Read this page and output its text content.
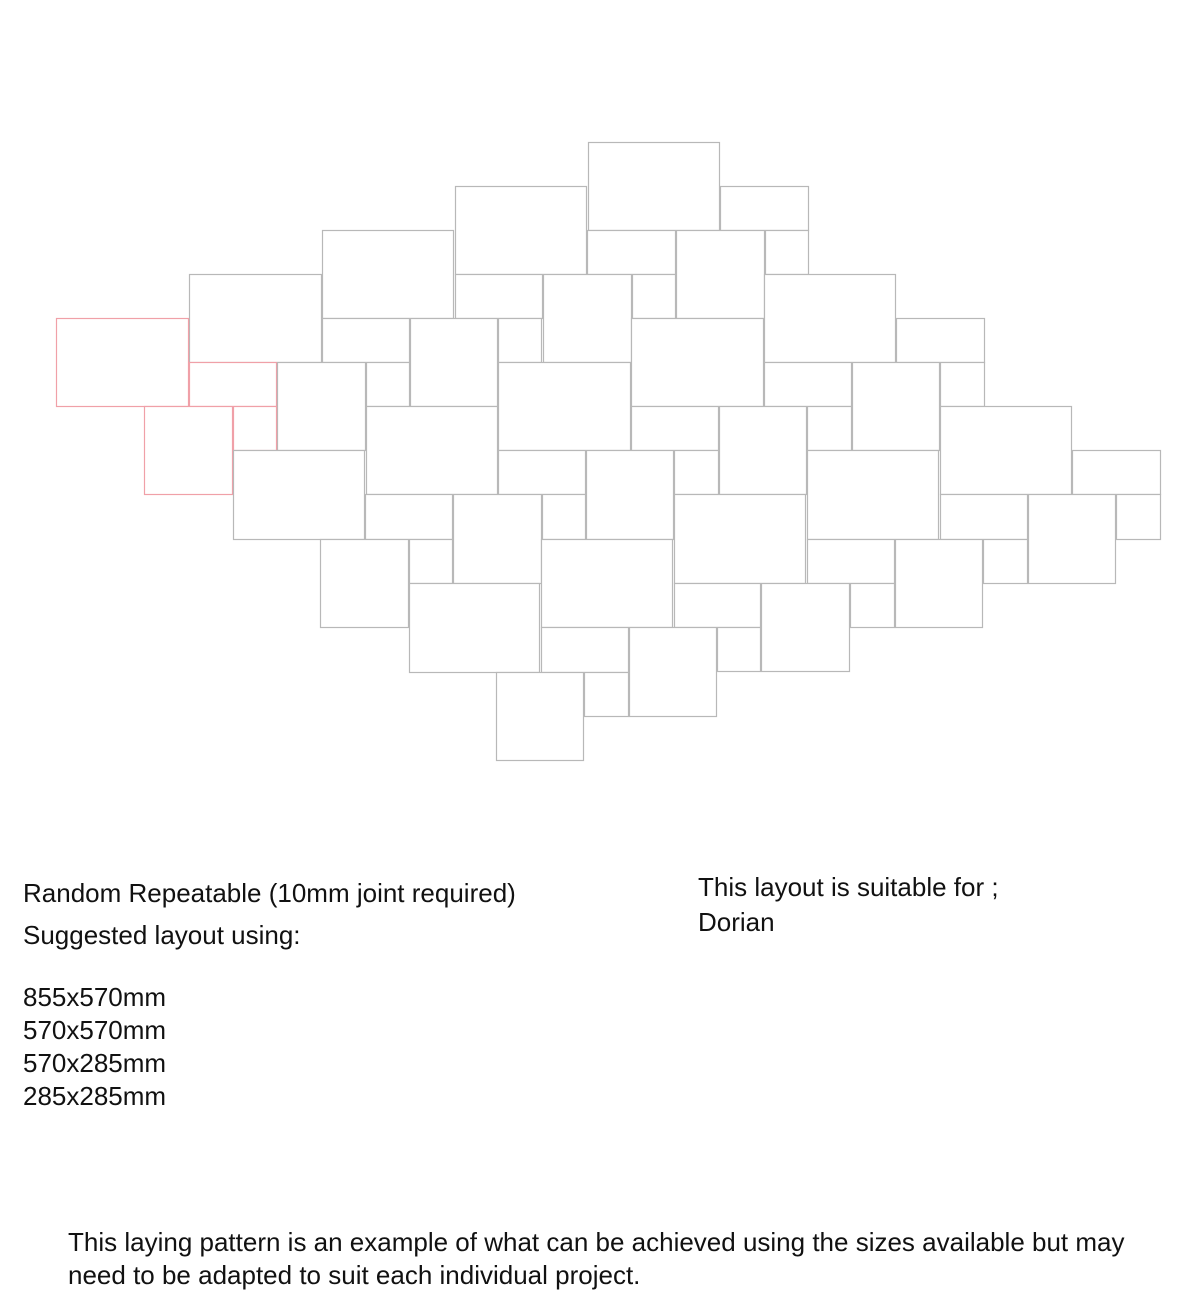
Random Repeatable (10mm joint required)
Suggested layout using:
855x570mm
570x570mm
570x285mm
285x285mm
This layout is suitable for ;
Dorian
This laying pattern is an example of what can be achieved using the sizes available but may need to be adapted to suit each individual project.
